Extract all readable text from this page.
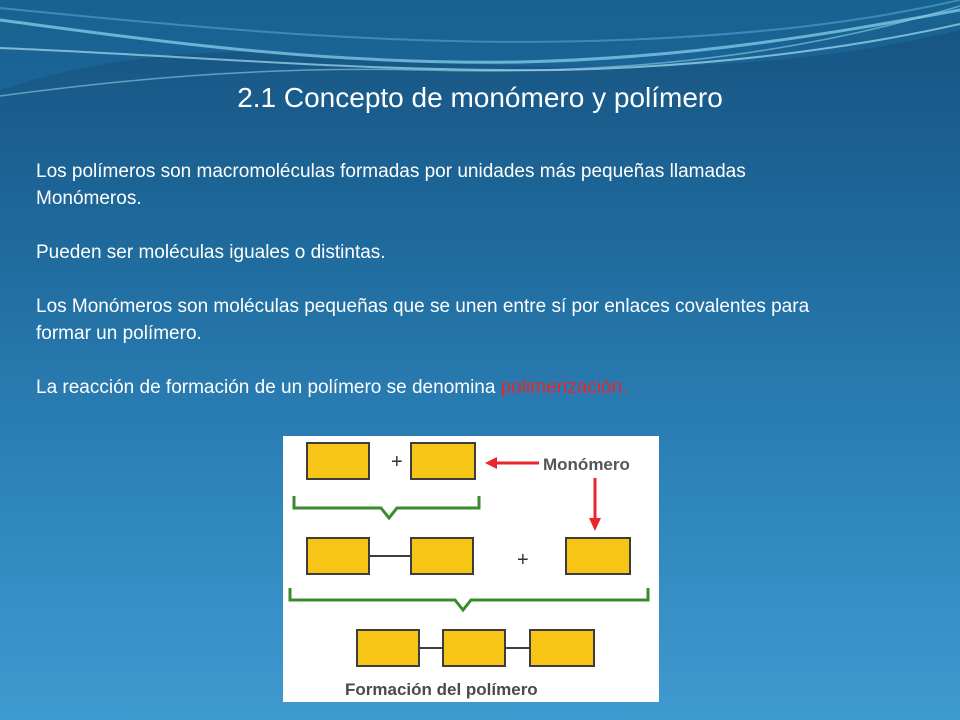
2.1 Concepto de monómero y polímero

Los polímeros son macromoléculas formadas por unidades más pequeñas llamadas Monómeros.

Pueden ser moléculas iguales o distintas.

Los Monómeros son moléculas pequeñas que se unen entre sí por enlaces covalentes para formar un polímero.

La reacción de formación de un polímero se denomina polimerización.

+	Monómero
+
Formación del polímero
